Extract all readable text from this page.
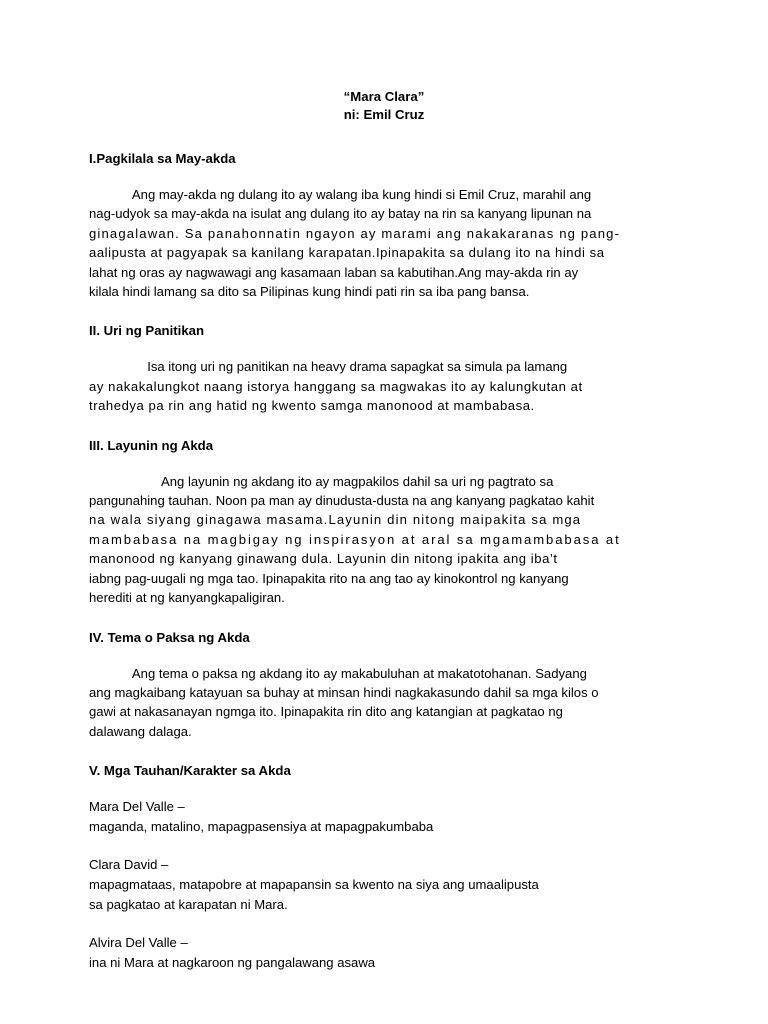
“Mara Clara”
ni: Emil Cruz
I.Pagkilala sa May-akda

Ang may-akda ng dulang ito ay walang iba kung hindi si Emil Cruz, marahil ang
nag-udyok sa may-akda na isulat ang dulang ito ay batay na rin sa kanyang lipunan na
ginagalawan. Sa panahonnatin ngayon ay marami ang nakakaranas ng pang-
aalipusta at pagyapak sa kanilang karapatan.Ipinapakita sa dulang ito na hindi sa
lahat ng oras ay nagwawagi ang kasamaan laban sa kabutihan.Ang may-akda rin ay
kilala hindi lamang sa dito sa Pilipinas kung hindi pati rin sa iba pang bansa.

II. Uri ng Panitikan

Isa itong uri ng panitikan na heavy drama sapagkat sa simula pa lamang
ay nakakalungkot naang istorya hanggang sa magwakas ito ay kalungkutan at
trahedya pa rin ang hatid ng kwento samga manonood at mambabasa.

III. Layunin ng Akda

Ang layunin ng akdang ito ay magpakilos dahil sa uri ng pagtrato sa
pangunahing tauhan. Noon pa man ay dinudusta-dusta na ang kanyang pagkatao kahit
na wala siyang ginagawa masama.Layunin din nitong maipakita sa mga
mambabasa na magbigay ng inspirasyon at aral sa mgamambabasa at
manonood ng kanyang ginawang dula. Layunin din nitong ipakita ang iba’t
iabng pag-uugali ng mga tao. Ipinapakita rito na ang tao ay kinokontrol ng kanyang
herediti at ng kanyangkapaligiran.

IV. Tema o Paksa ng Akda

Ang tema o paksa ng akdang ito ay makabuluhan at makatotohanan. Sadyang
ang magkaibang katayuan sa buhay at minsan hindi nagkakasundo dahil sa mga kilos o
gawi at nakasanayan ngmga ito. Ipinapakita rin dito ang katangian at pagkatao ng
dalawang dalaga.

V. Mga Tauhan/Karakter sa Akda

Mara Del Valle –

maganda, matalino, mapagpasensiya at mapagpakumbaba

Clara David –

mapagmataas, matapobre at mapapansin sa kwento na siya ang umaalipusta

sa pagkatao at karapatan ni Mara.

Alvira Del Valle –

ina ni Mara at nagkaroon ng pangalawang asawa
